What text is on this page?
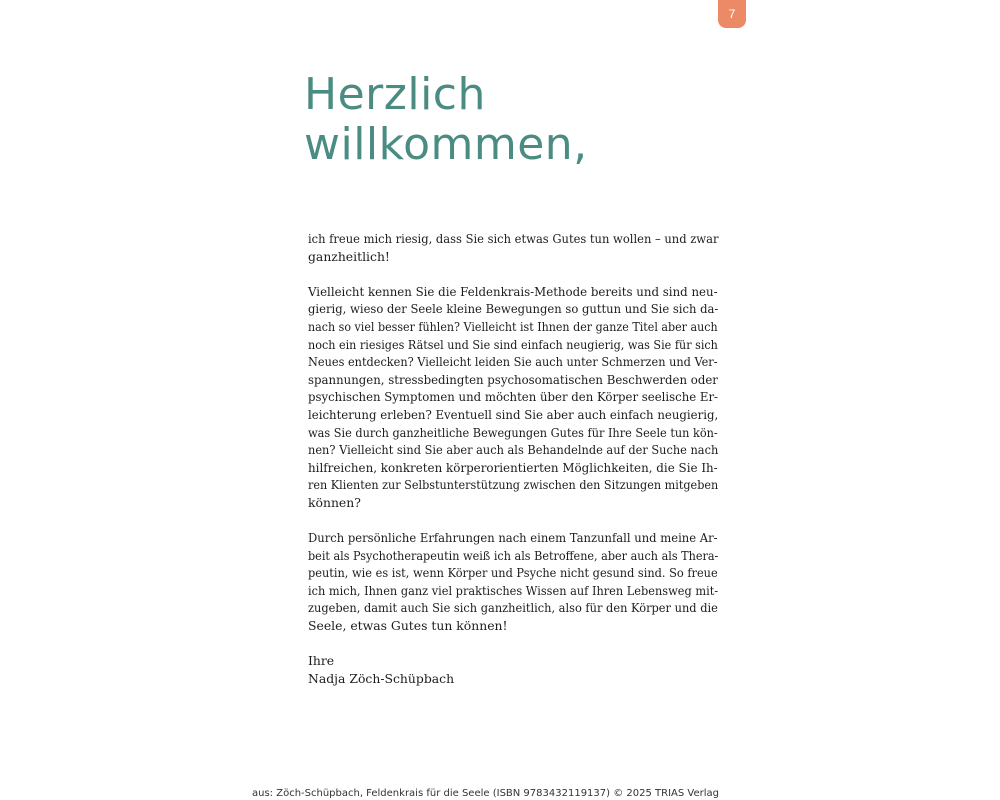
7
Herzlich
willkommen,

ich freue mich riesig, dass Sie sich etwas Gutes tun wollen – und zwar
ganzheitlich!

Vielleicht kennen Sie die Feldenkrais-Methode bereits und sind neu-
gierig, wieso der Seele kleine Bewegungen so guttun und Sie sich da-
nach so viel besser fühlen? Vielleicht ist Ihnen der ganze Titel aber auch
noch ein riesiges Rätsel und Sie sind einfach neugierig, was Sie für sich
Neues entdecken? Vielleicht leiden Sie auch unter Schmerzen und Ver-
spannungen, stressbedingten psychosomatischen Beschwerden oder
psychischen Symptomen und möchten über den Körper seelische Er-
leichterung erleben? Eventuell sind Sie aber auch einfach neugierig,
was Sie durch ganzheitliche Bewegungen Gutes für Ihre Seele tun kön-
nen? Vielleicht sind Sie aber auch als Behandelnde auf der Suche nach
hilfreichen, konkreten körperorientierten Möglichkeiten, die Sie Ih-
ren Klienten zur Selbstunterstützung zwischen den Sitzungen mitgeben
können?

Durch persönliche Erfahrungen nach einem Tanzunfall und meine Ar-
beit als Psychotherapeutin weiß ich als Betroffene, aber auch als Thera-
peutin, wie es ist, wenn Körper und Psyche nicht gesund sind. So freue
ich mich, Ihnen ganz viel praktisches Wissen auf Ihren Lebensweg mit-
zugeben, damit auch Sie sich ganzheitlich, also für den Körper und die
Seele, etwas Gutes tun können!

Ihre
Nadja Zöch-Schüpbach

aus: Zöch-Schüpbach, Feldenkrais für die Seele (ISBN 9783432119137) © 2025 TRIAS Verlag
